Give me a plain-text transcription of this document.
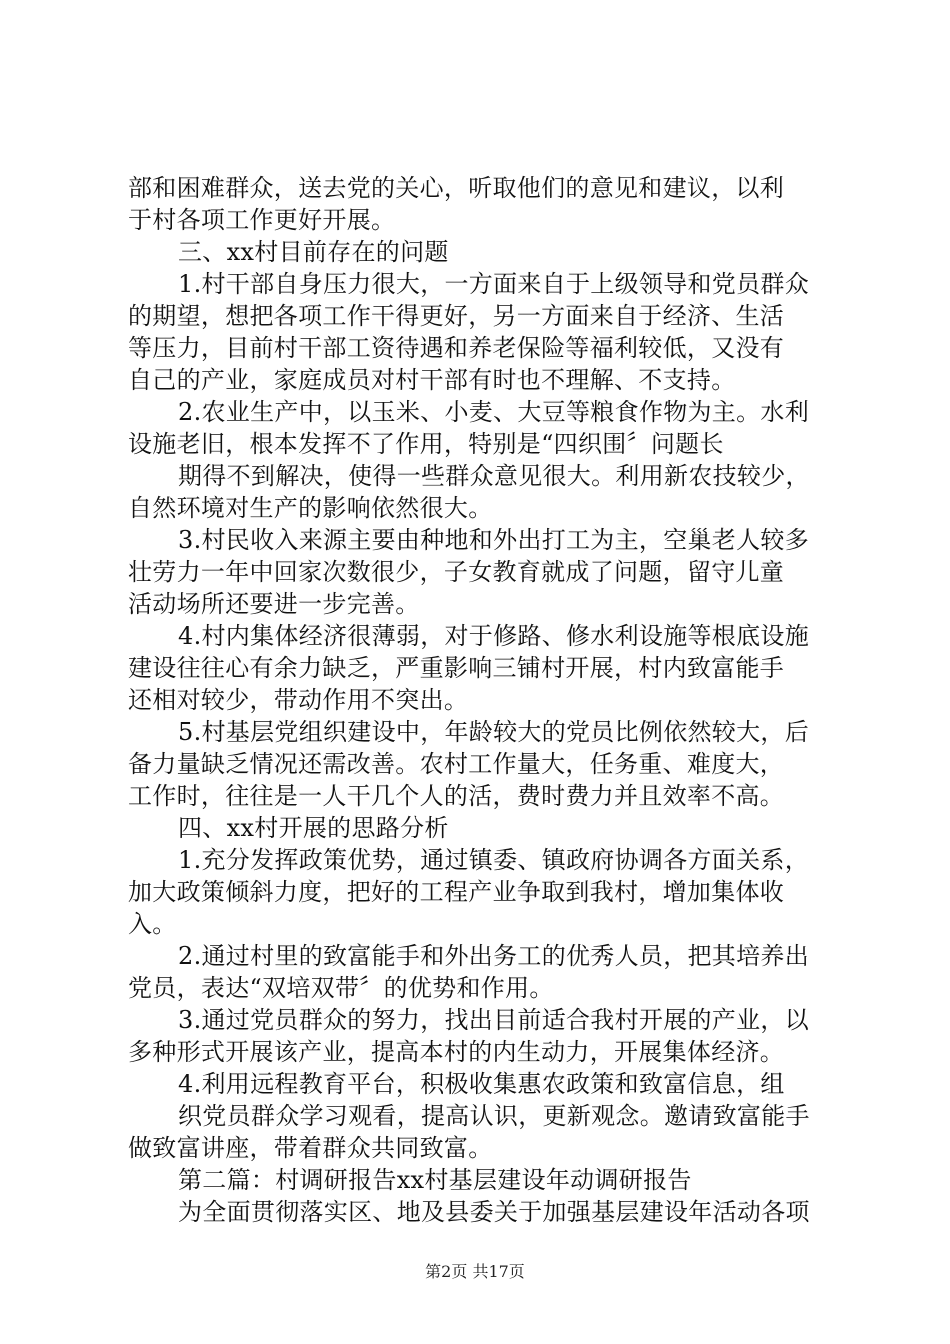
部和困难群众，送去党的关心，听取他们的意见和建议，以利
于村各项工作更好开展。
三、xx村目前存在的问题
1.村干部自身压力很大，一方面来自于上级领导和党员群众
的期望，想把各项工作干得更好，另一方面来自于经济、生活
等压力，目前村干部工资待遇和养老保险等福利较低，又没有
自己的产业，家庭成员对村干部有时也不理解、不支持。
2.农业生产中，以玉米、小麦、大豆等粮食作物为主。水利
设施老旧，根本发挥不了作用，特别是“四织围〞问题长
期得不到解决，使得一些群众意见很大。利用新农技较少，
自然环境对生产的影响依然很大。
3.村民收入来源主要由种地和外出打工为主，空巢老人较多
壮劳力一年中回家次数很少，子女教育就成了问题，留守儿童
活动场所还要进一步完善。
4.村内集体经济很薄弱，对于修路、修水利设施等根底设施
建设往往心有余力缺乏，严重影响三铺村开展，村内致富能手
还相对较少，带动作用不突出。
5.村基层党组织建设中，年龄较大的党员比例依然较大，后
备力量缺乏情况还需改善。农村工作量大，任务重、难度大，
工作时，往往是一人干几个人的活，费时费力并且效率不高。
四、xx村开展的思路分析
1.充分发挥政策优势，通过镇委、镇政府协调各方面关系，
加大政策倾斜力度，把好的工程产业争取到我村，增加集体收
入。
2.通过村里的致富能手和外出务工的优秀人员，把其培养出
党员，表达“双培双带〞的优势和作用。
3.通过党员群众的努力，找出目前适合我村开展的产业，以
多种形式开展该产业，提高本村的内生动力，开展集体经济。
4.利用远程教育平台，积极收集惠农政策和致富信息，组
织党员群众学习观看，提高认识，更新观念。邀请致富能手
做致富讲座，带着群众共同致富。
第二篇：村调研报告xx村基层建设年动调研报告
为全面贯彻落实区、地及县委关于加强基层建设年活动各项
第2页 共17页
